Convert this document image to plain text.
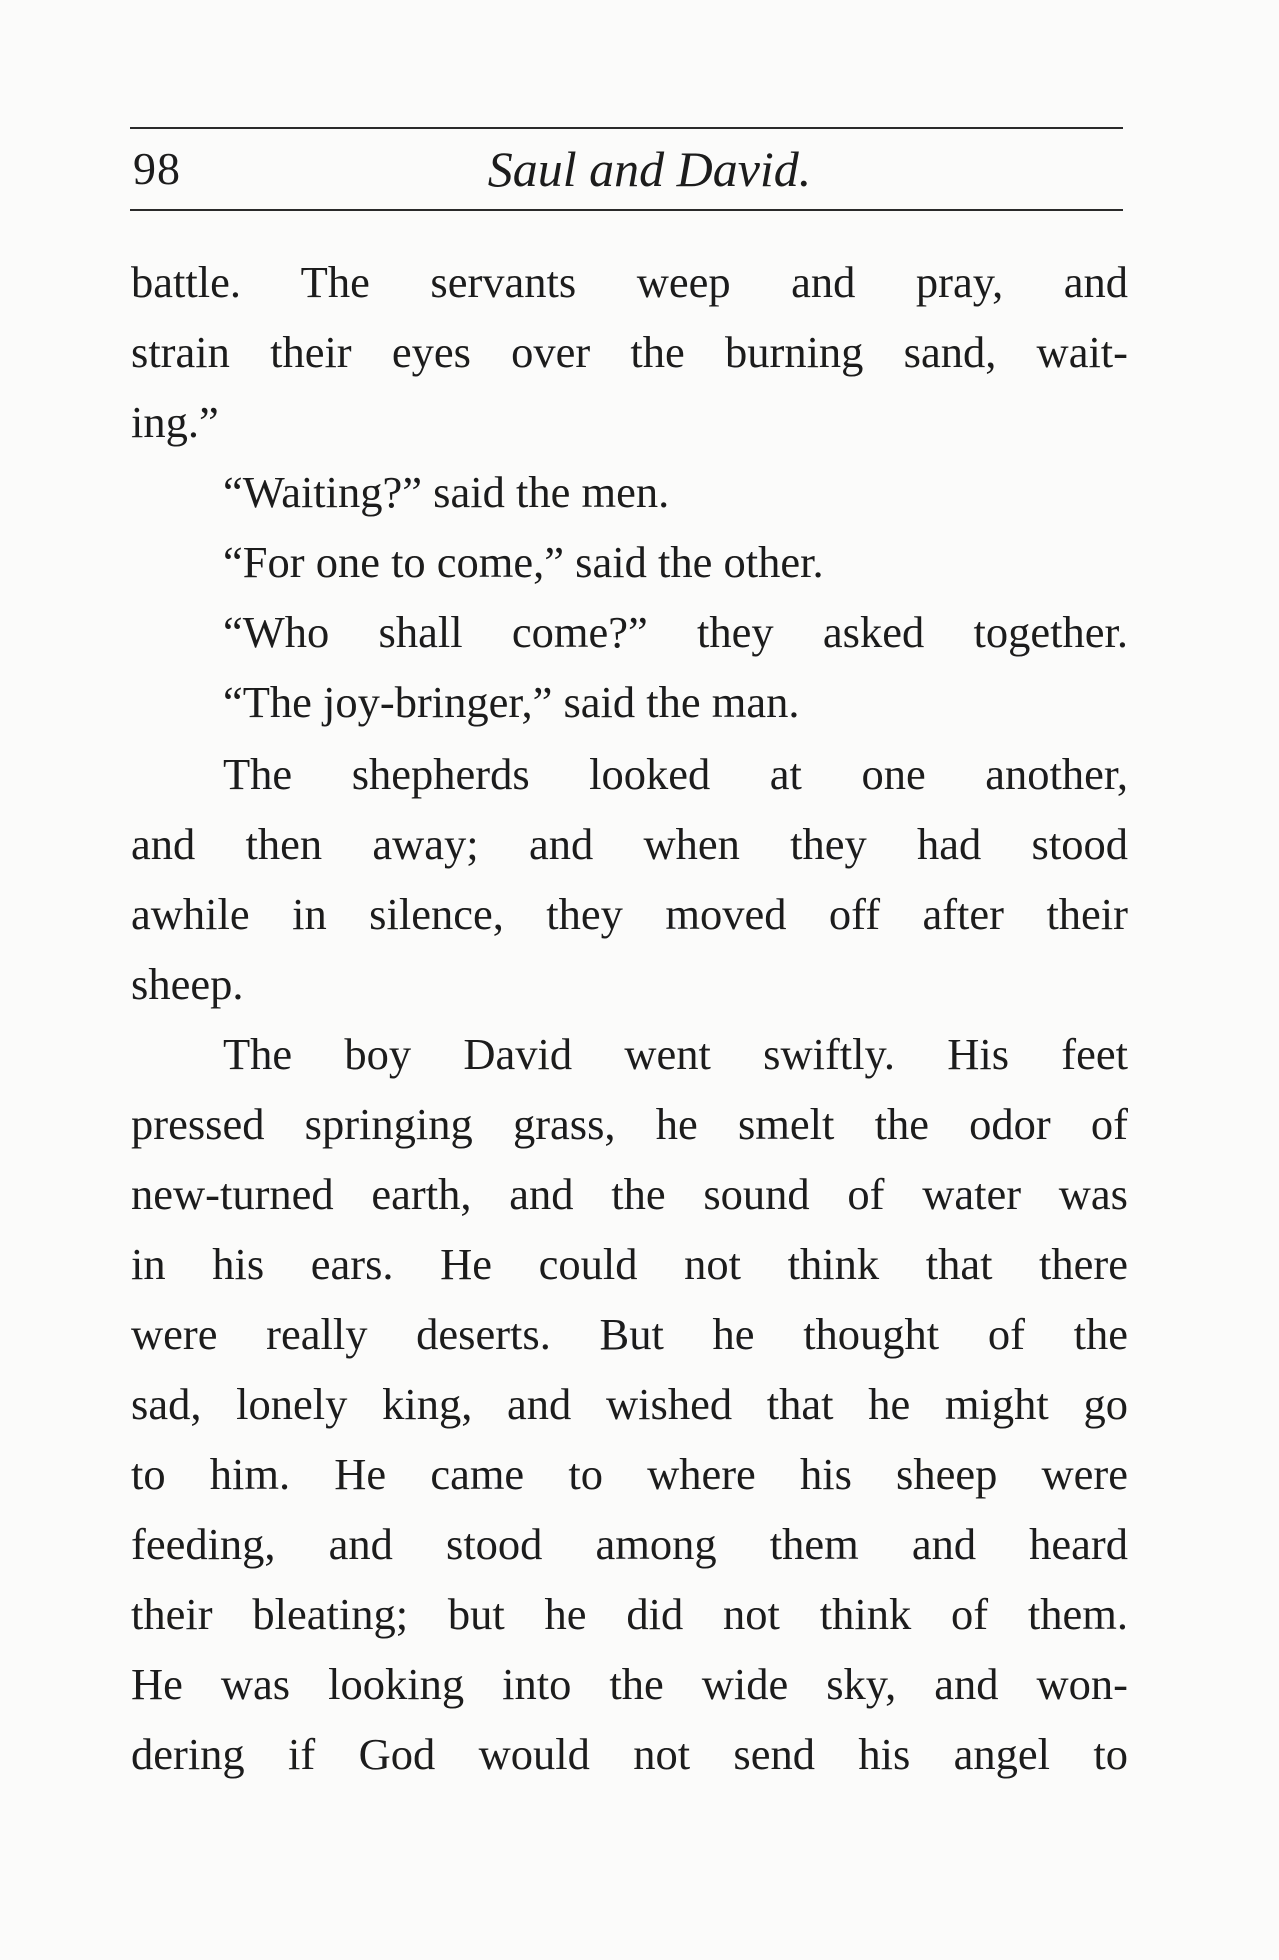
98	Saul and David.
battle. The servants weep and pray, and
strain their eyes over the burning sand, wait-
ing.”
“Waiting?” said the men.
“For one to come,” said the other.
“Who shall come?” they asked together.
“The joy-bringer,” said the man.
The shepherds looked at one another,
and then away; and when they had stood
awhile in silence, they moved off after their
sheep.
The boy David went swiftly. His feet
pressed springing grass, he smelt the odor of
new-turned earth, and the sound of water was
in his ears. He could not think that there
were really deserts. But he thought of the
sad, lonely king, and wished that he might go
to him. He came to where his sheep were
feeding, and stood among them and heard
their bleating; but he did not think of them.
He was looking into the wide sky, and won-
dering if God would not send his angel to
